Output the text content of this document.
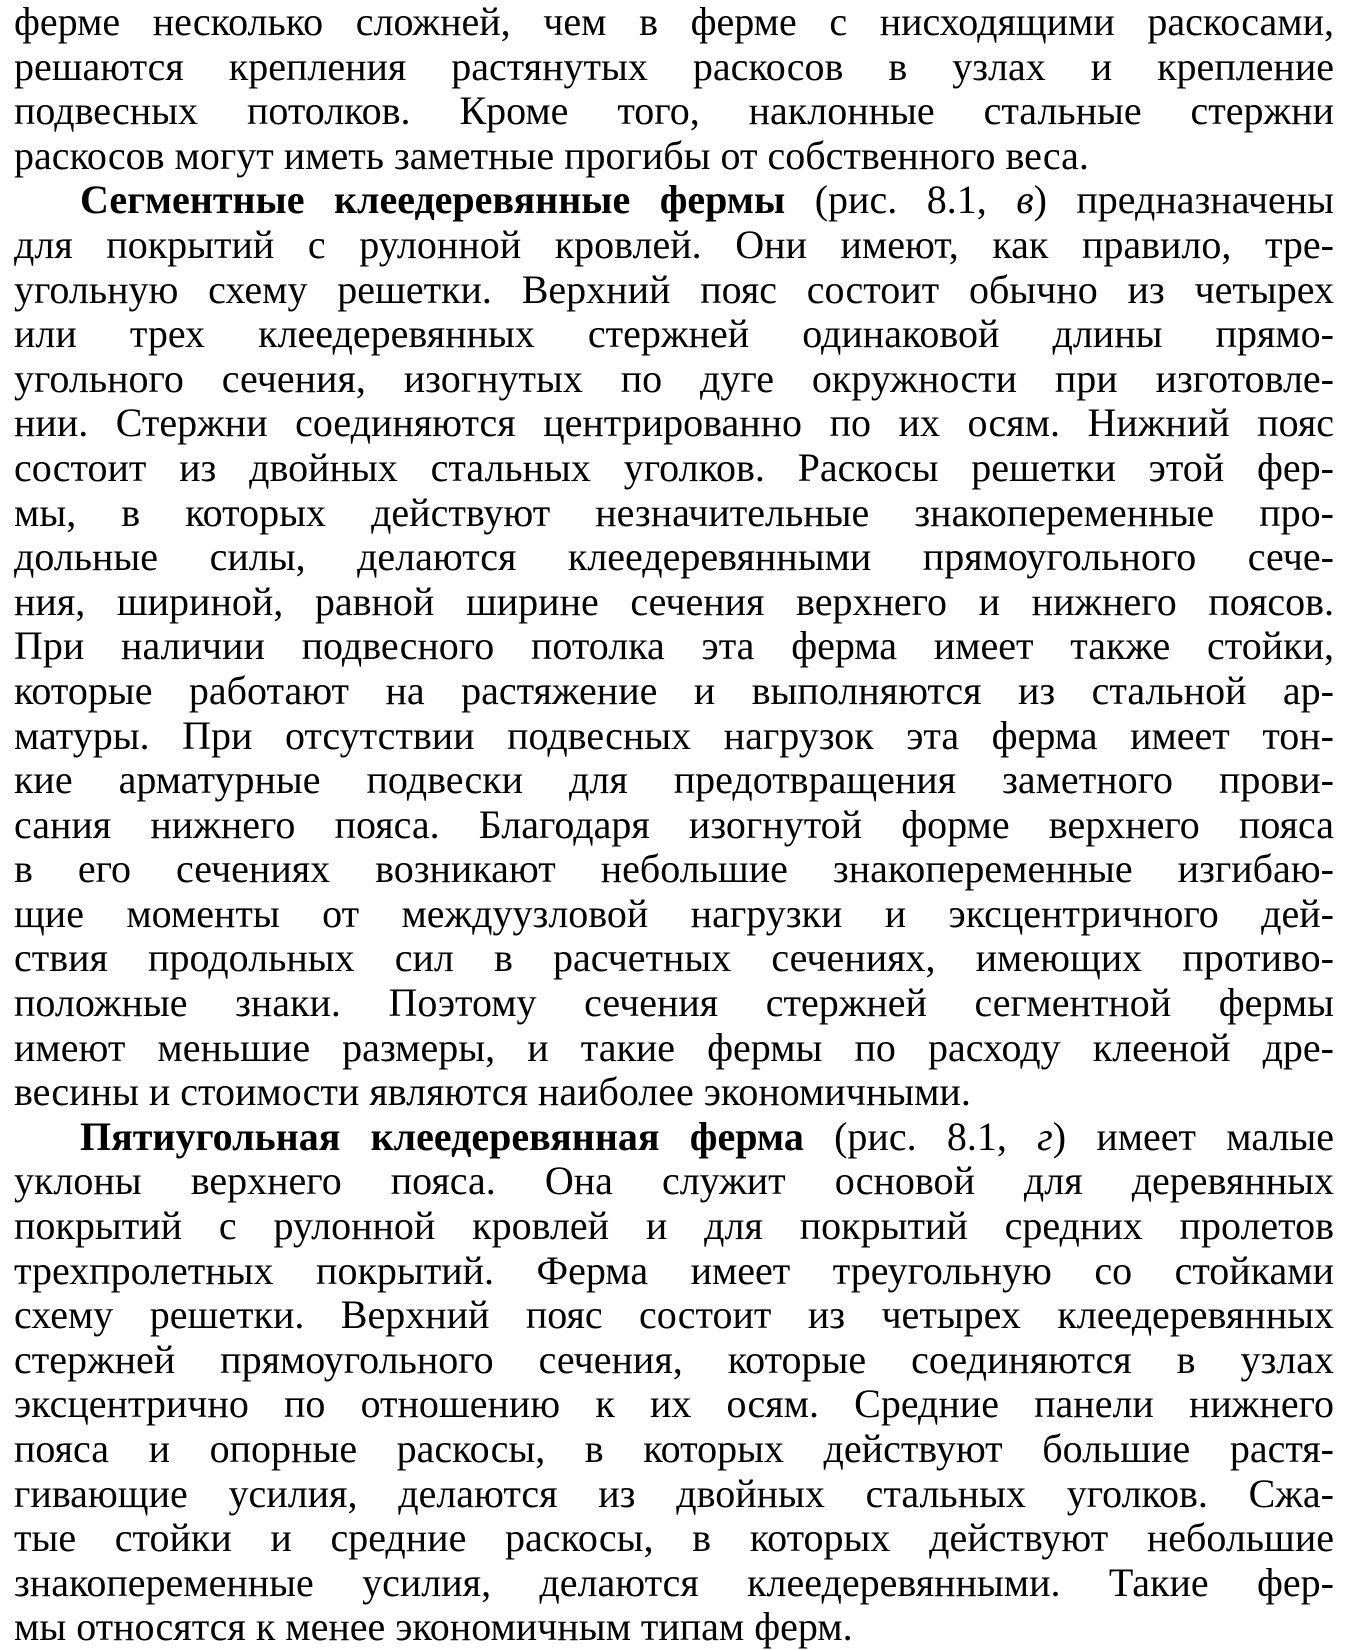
ферме несколько сложней, чем в ферме с нисходящими раскосами,
решаются крепления растянутых раскосов в узлах и крепление
подвесных потолков. Кроме того, наклонные стальные стержни
раскосов могут иметь заметные прогибы от собственного веса.
Сегментные клеедеревянные фермы (рис. 8.1, в) предназначены
для покрытий с рулонной кровлей. Они имеют, как правило, тре-
угольную схему решетки. Верхний пояс состоит обычно из четырех
или трех клеедеревянных стержней одинаковой длины прямо-
угольного сечения, изогнутых по дуге окружности при изготовле-
нии. Стержни соединяются центрированно по их осям. Нижний пояс
состоит из двойных стальных уголков. Раскосы решетки этой фер-
мы, в которых действуют незначительные знакопеременные про-
дольные силы, делаются клеедеревянными прямоугольного сече-
ния, шириной, равной ширине сечения верхнего и нижнего поясов.
При наличии подвесного потолка эта ферма имеет также стойки,
которые работают на растяжение и выполняются из стальной ар-
матуры. При отсутствии подвесных нагрузок эта ферма имеет тон-
кие арматурные подвески для предотвращения заметного прови-
сания нижнего пояса. Благодаря изогнутой форме верхнего пояса
в его сечениях возникают небольшие знакопеременные изгибаю-
щие моменты от междуузловой нагрузки и эксцентричного дей-
ствия продольных сил в расчетных сечениях, имеющих противо-
положные знаки. Поэтому сечения стержней сегментной фермы
имеют меньшие размеры, и такие фермы по расходу клееной дре-
весины и стоимости являются наиболее экономичными.
Пятиугольная клеедеревянная ферма (рис. 8.1, г) имеет малые
уклоны верхнего пояса. Она служит основой для деревянных
покрытий с рулонной кровлей и для покрытий средних пролетов
трехпролетных покрытий. Ферма имеет треугольную со стойками
схему решетки. Верхний пояс состоит из четырех клеедеревянных
стержней прямоугольного сечения, которые соединяются в узлах
эксцентрично по отношению к их осям. Средние панели нижнего
пояса и опорные раскосы, в которых действуют большие растя-
гивающие усилия, делаются из двойных стальных уголков. Сжа-
тые стойки и средние раскосы, в которых действуют небольшие
знакопеременные усилия, делаются клеедеревянными. Такие фер-
мы относятся к менее экономичным типам ферм.
